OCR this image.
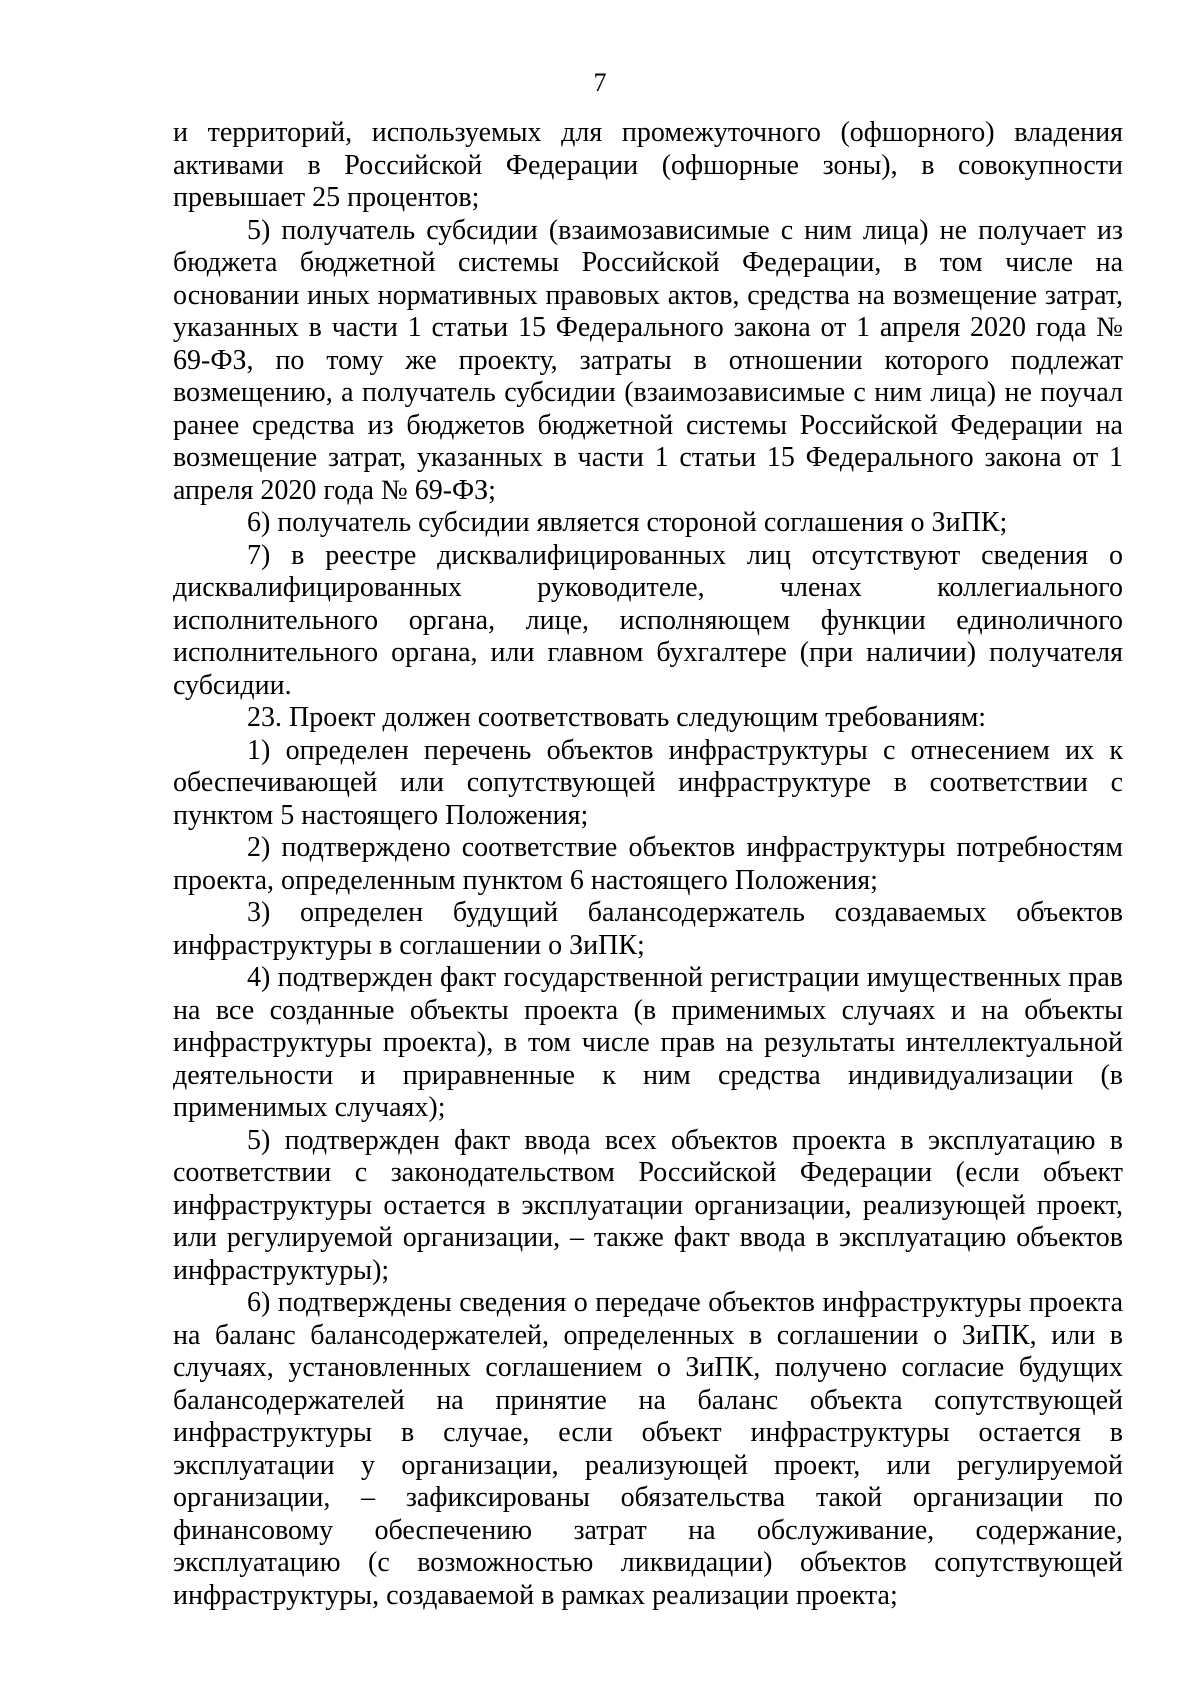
7

и территорий, используемых для промежуточного (офшорного) владения активами в Российской Федерации (офшорные зоны), в совокупности превышает 25 процентов;

5) получатель субсидии (взаимозависимые с ним лица) не получает из бюджета бюджетной системы Российской Федерации, в том числе на основании иных нормативных правовых актов, средства на возмещение затрат, указанных в части 1 статьи 15 Федерального закона от 1 апреля 2020 года № 69-ФЗ, по тому же проекту, затраты в отношении которого подлежат возмещению, а получатель субсидии (взаимозависимые с ним лица) не поучал ранее средства из бюджетов бюджетной системы Российской Федерации на возмещение затрат, указанных в части 1 статьи 15 Федерального закона от 1 апреля 2020 года № 69-ФЗ;

6) получатель субсидии является стороной соглашения о ЗиПК;

7) в реестре дисквалифицированных лиц отсутствуют сведения о дисквалифицированных руководителе, членах коллегиального исполнительного органа, лице, исполняющем функции единоличного исполнительного органа, или главном бухгалтере (при наличии) получателя субсидии.

23. Проект должен соответствовать следующим требованиям:

1) определен перечень объектов инфраструктуры с отнесением их к обеспечивающей или сопутствующей инфраструктуре в соответствии с пунктом 5 настоящего Положения;

2) подтверждено соответствие объектов инфраструктуры потребностям проекта, определенным пунктом 6 настоящего Положения;

3) определен будущий балансодержатель создаваемых объектов инфраструктуры в соглашении о ЗиПК;

4) подтвержден факт государственной регистрации имущественных прав на все созданные объекты проекта (в применимых случаях и на объекты инфраструктуры проекта), в том числе прав на результаты интеллектуальной деятельности и приравненные к ним средства индивидуализации (в применимых случаях);

5) подтвержден факт ввода всех объектов проекта в эксплуатацию в соответствии с законодательством Российской Федерации (если объект инфраструктуры остается в эксплуатации организации, реализующей проект, или регулируемой организации, – также факт ввода в эксплуатацию объектов инфраструктуры);

6) подтверждены сведения о передаче объектов инфраструктуры проекта на баланс балансодержателей, определенных в соглашении о ЗиПК, или в случаях, установленных соглашением о ЗиПК, получено согласие будущих балансодержателей на принятие на баланс объекта сопутствующей инфраструктуры в случае, если объект инфраструктуры остается в эксплуатации у организации, реализующей проект, или регулируемой организации, – зафиксированы обязательства такой организации по финансовому обеспечению затрат на обслуживание, содержание, эксплуатацию (с возможностью ликвидации) объектов сопутствующей инфраструктуры, создаваемой в рамках реализации проекта;
